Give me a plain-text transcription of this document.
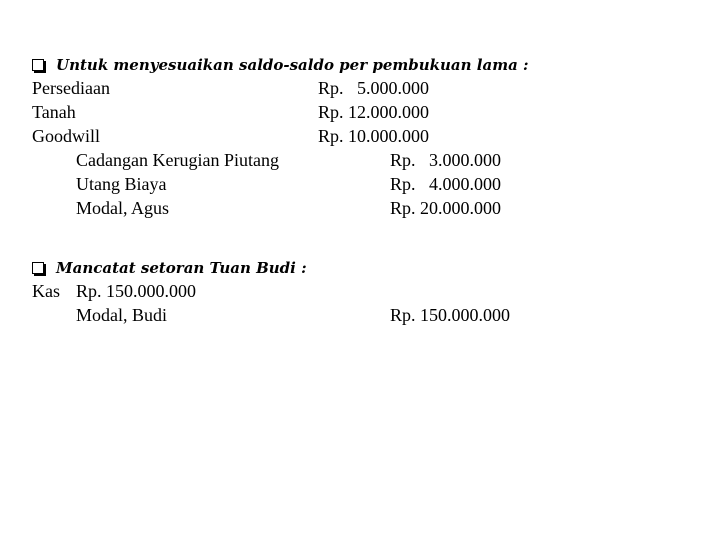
Untuk menyesuaikan saldo-saldo per pembukuan lama :
Persediaan	Rp.   5.000.000
Tanah	Rp. 12.000.000
Goodwill	Rp. 10.000.000
Cadangan Kerugian Piutang	Rp.   3.000.000
Utang Biaya	Rp.   4.000.000
Modal, Agus	Rp. 20.000.000
Mancatat setoran Tuan Budi :
Kas Rp. 150.000.000
Modal, Budi	Rp. 150.000.000
